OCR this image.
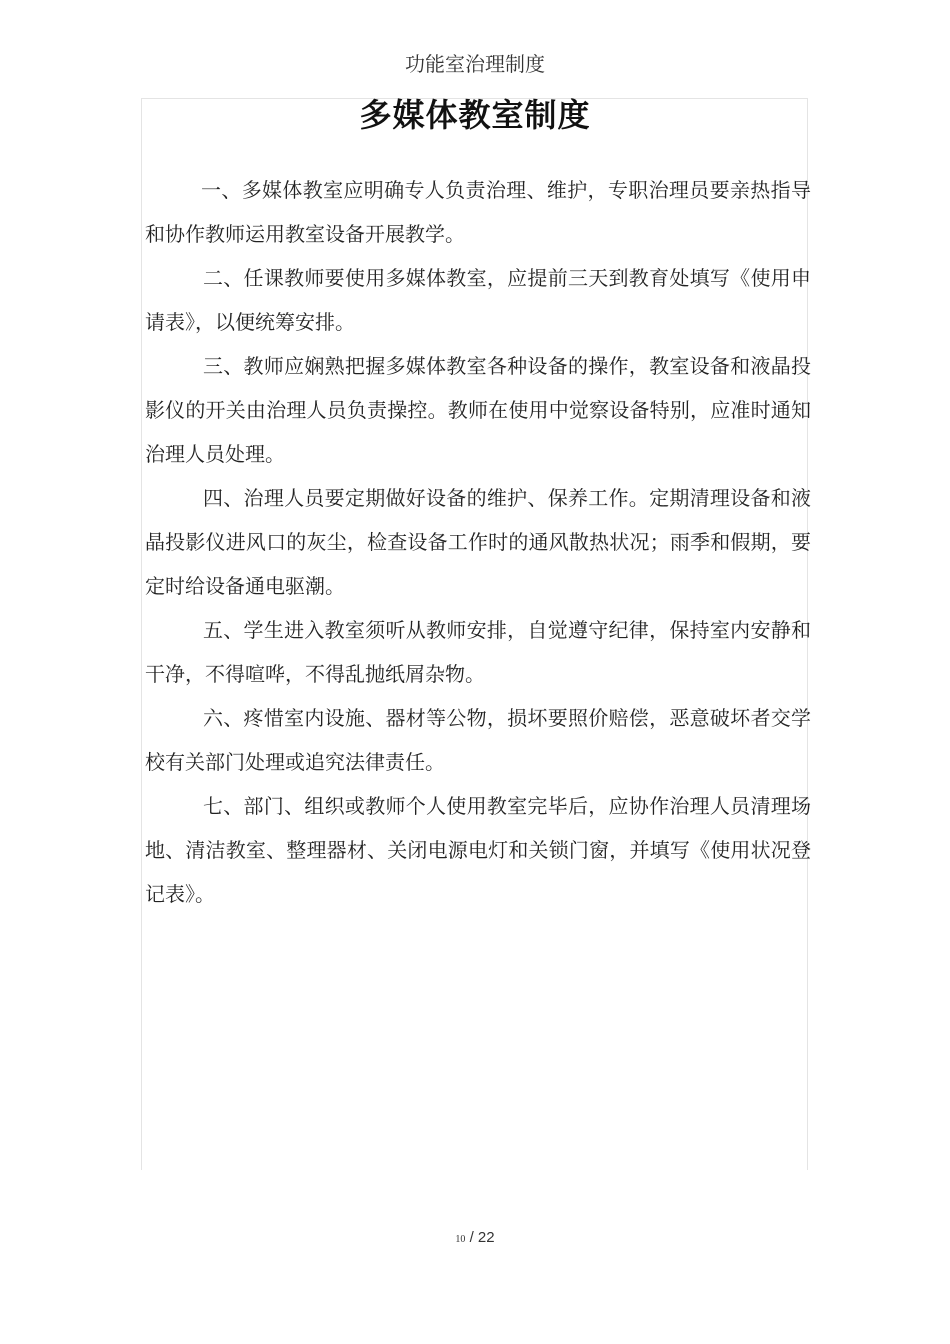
功能室治理制度
多媒体教室制度

一、多媒体教室应明确专人负责治理、维护，专职治理员要亲热指导和协作教师运用教室设备开展教学。

二、任课教师要使用多媒体教室，应提前三天到教育处填写《使用申请表》，以便统筹安排。

三、教师应娴熟把握多媒体教室各种设备的操作，教室设备和液晶投影仪的开关由治理人员负责操控。教师在使用中觉察设备特别，应准时通知治理人员处理。

四、治理人员要定期做好设备的维护、保养工作。定期清理设备和液晶投影仪进风口的灰尘，检查设备工作时的通风散热状况；雨季和假期，要定时给设备通电驱潮。

五、学生进入教室须听从教师安排，自觉遵守纪律，保持室内安静和干净，不得喧哗，不得乱抛纸屑杂物。

六、疼惜室内设施、器材等公物，损坏要照价赔偿，恶意破坏者交学校有关部门处理或追究法律责任。

七、部门、组织或教师个人使用教室完毕后，应协作治理人员清理场地、清洁教室、整理器材、关闭电源电灯和关锁门窗，并填写《使用状况登记表》。

10 / 22
